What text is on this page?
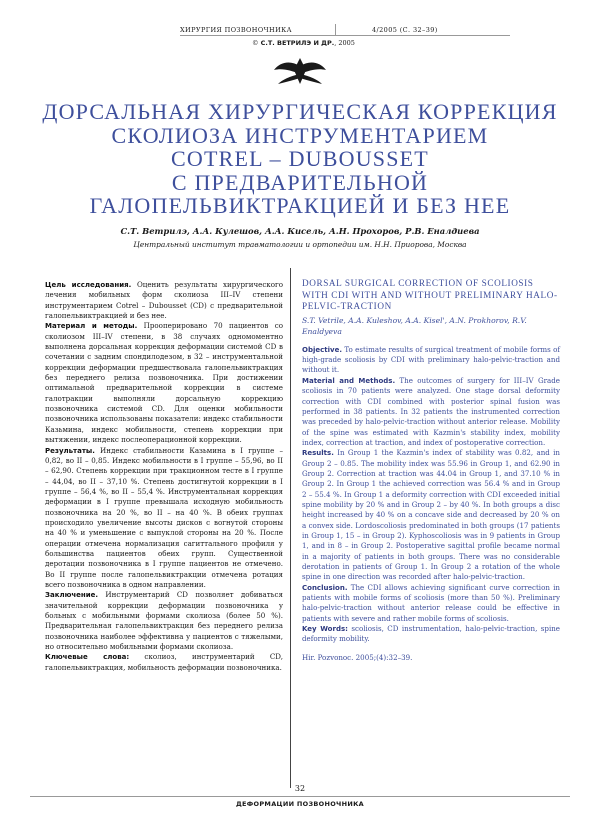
ХИРУРГИЯ ПОЗВОНОЧНИКА	4/2005 (С. 32–39)
© С.Т. ВЕТРИЛЭ И ДР., 2005
ДОРСАЛЬНАЯ ХИРУРГИЧЕСКАЯ КОРРЕКЦИЯ
СКОЛИОЗА ИНСТРУМЕНТАРИЕМ
COTREL – DUBOUSSET
С ПРЕДВАРИТЕЛЬНОЙ
ГАЛОПЕЛЬВИКТРАКЦИЕЙ И БЕЗ НЕЕ
С.Т. Ветрилэ, А.А. Кулешов, А.А. Кисель, А.Н. Прохоров, Р.В. Еналдиева
Центральный институт травматологии и ортопедии им. Н.Н. Приорова, Москва

Цель исследования. Оценить результаты хирургического лечения мобильных форм сколиоза III–IV степени инструментарием Cotrel – Dubousset (CD) с предварительной галопельвиктракцией и без нее.

Материал и методы. Прооперировано 70 пациентов со сколиозом III–IV степени, в 38 случаях одномоментно выполнена дорсальная коррекция деформации системой CD в сочетании с задним спондилодезом, в 32 – инструментальной коррекции деформации предшествовала галопельвиктракция без переднего релиза позвоночника. При достижении оптимальной предварительной коррекции в системе галотракции выполняли дорсальную коррекцию позвоночника системой CD. Для оценки мобильности позвоночника использованы показатели: индекс стабильности Казьмина, индекс мобильности, степень коррекции при вытяжении, индекс послеоперационной коррекции.

Результаты. Индекс стабильности Казьмина в I группе – 0,82, во II – 0,85. Индекс мобильности в I группе – 55,96, во II – 62,90. Степень коррекции при тракционном тесте в I группе – 44,04, во II – 37,10 %. Степень достигнутой коррекции в I группе – 56,4 %, во II – 55,4 %. Инструментальная коррекция деформации в I группе превышала исходную мобильность позвоночника на 20 %, во II – на 40 %. В обеих группах происходило увеличение высоты дисков с вогнутой стороны на 40 % и уменьшение с выпуклой стороны на 20 %. После операции отмечена нормализация сагиттального профиля у большинства пациентов обеих групп. Существенной деротации позвоночника в I группе пациентов не отмечено. Во II группе после галопельвиктракции отмечена ротация всего позвоночника в одном направлении.

Заключение. Инструментарий CD позволяет добиваться значительной коррекции деформации позвоночника у больных с мобильными формами сколиоза (более 50 %). Предварительная галопельвиктракция без переднего релиза позвоночника наиболее эффективна у пациентов с тяжелыми, но относительно мобильными формами сколиоза.

Ключевые слова: сколиоз, инструментарий CD, галопельвиктракция, мобильность деформации позвоночника.

DORSAL SURGICAL CORRECTION OF SCOLIOSIS WITH CDI WITH AND WITHOUT PRELIMINARY HALO-PELVIC-TRACTION
S.T. Vetrile, A.A. Kuleshov, A.A. Kisel', A.N. Prokhorov, R.V. Enaldyeva

Objective. To estimate results of surgical treatment of mobile forms of high-grade scoliosis by CDI with preliminary halo-pelvic-traction and without it.

Material and Methods. The outcomes of surgery for III–IV Grade scoliosis in 70 patients were analyzed. One stage dorsal deformity correction with CDI combined with posterior spinal fusion was performed in 38 patients. In 32 patients the instrumented correction was preceded by halo-pelvic-traction without anterior release. Mobility of the spine was estimated with Kazmin's stability index, mobility index, correction at traction, and index of postoperative correction.

Results. In Group 1 the Kazmin's index of stability was 0.82, and in Group 2 – 0.85. The mobility index was 55.96 in Group 1, and 62.90 in Group 2. Correction at traction was 44.04 in Group 1, and 37.10 % in Group 2. In Group 1 the achieved correction was 56.4 % and in Group 2 – 55.4 %. In Group 1 a deformity correction with CDI exceeded initial spine mobility by 20 % and in Group 2 – by 40 %. In both groups a disc height increased by 40 % on a concave side and decreased by 20 % on a convex side. Lordoscoliosis predominated in both groups (17 patients in Group 1, 15 – in Group 2). Kyphoscoliosis was in 9 patients in Group 1, and in 8 – in Group 2. Postoperative sagittal profile became normal in a majority of patients in both groups. There was no considerable derotation in patients of Group 1. In Group 2 a rotation of the whole spine in one direction was recorded after halo-pelvic-traction.

Conclusion. The CDI allows achieving significant curve correction in patients with mobile forms of scoliosis (more than 50 %). Preliminary halo-pelvic-traction without anterior release could be effective in patients with severe and rather mobile forms of scoliosis.

Key Words: scoliosis, CD instrumentation, halo-pelvic-traction, spine deformity mobility.

Hir. Pozvonoc. 2005;(4):32–39.

32
ДЕФОРМАЦИИ ПОЗВОНОЧНИКА
